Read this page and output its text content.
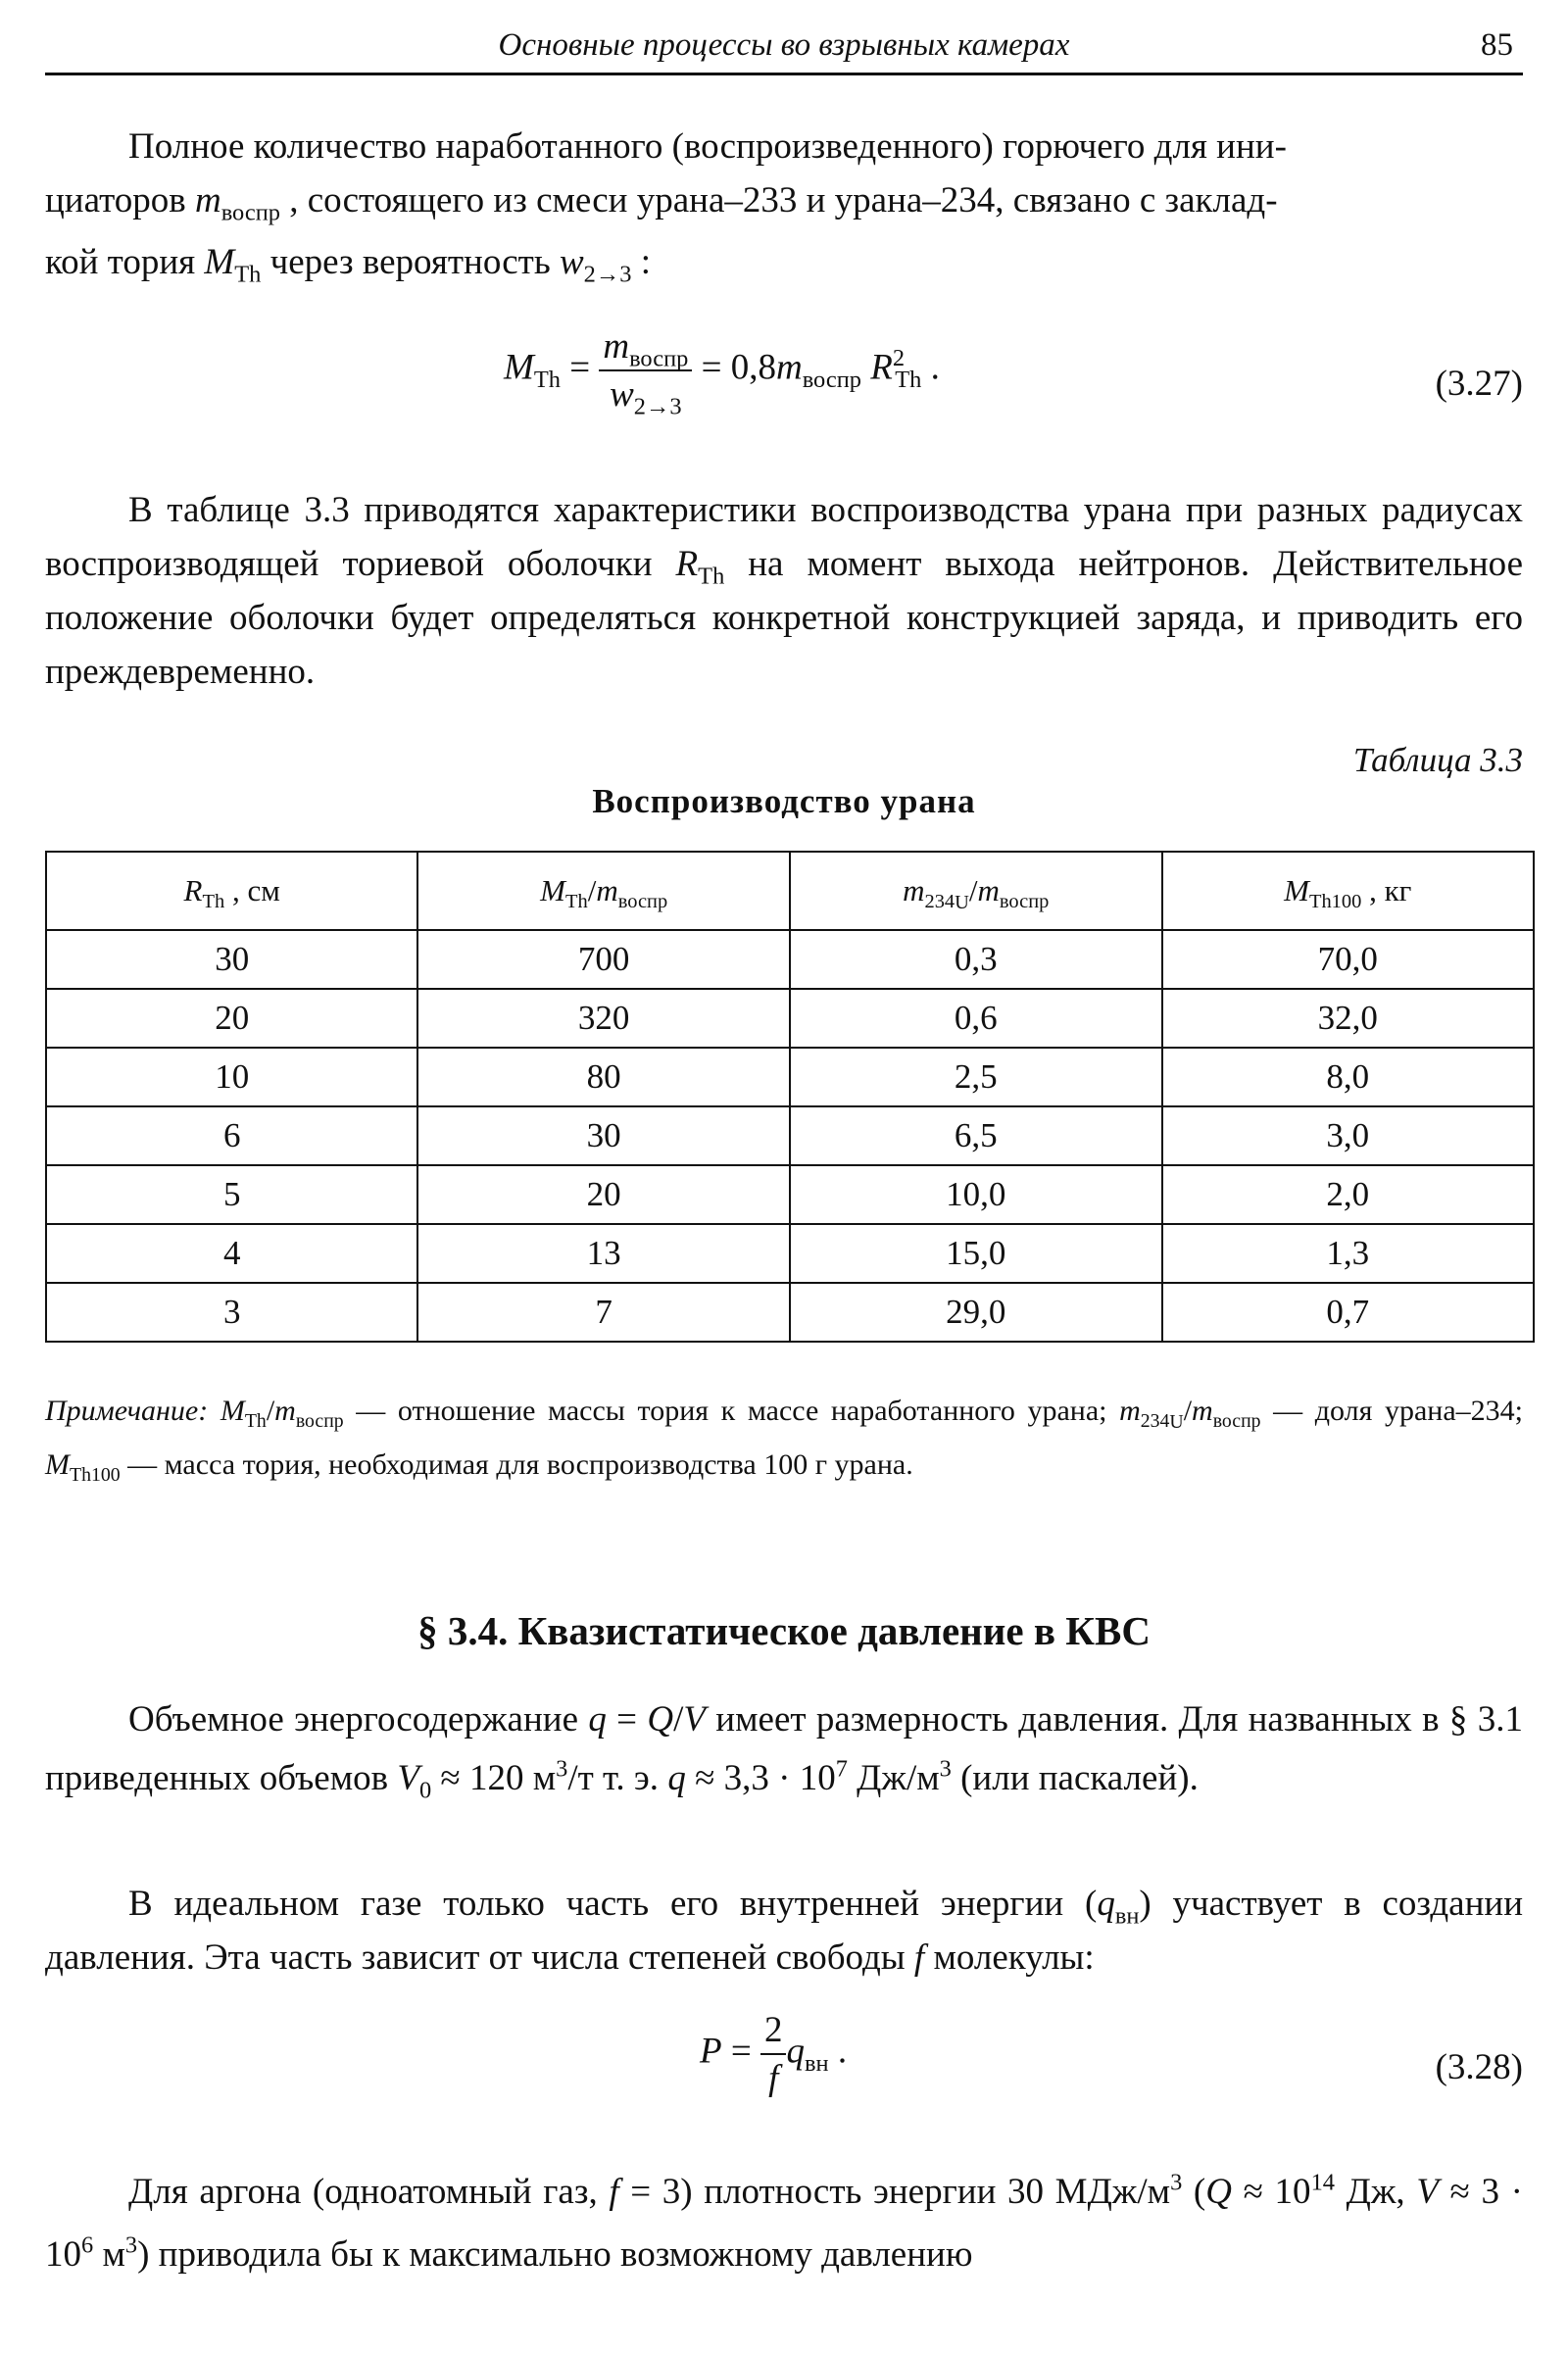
Основные процессы во взрывных камерах	85
Полное количество наработанного (воспроизведенного) горючего для ини-
циаторов $m_{воспр}$ , состоящего из смеси урана–233 и урана–234, связано с заклад-
кой тория $M_{Th}$ через вероятность $w_{2\to 3}$ :
$M_{Th} = \frac{m_{воспр}}{w_{2\to 3}} = 0,8m_{воспр}$ $R^2_{Th}$ .	(3.27)

В таблице 3.3 приводятся характеристики воспроизводства урана при разных радиусах воспроизводящей ториевой оболочки $R_{Th}$ на момент выхода нейтронов. Действительное положение оболочки будет определяться конкретной конструкцией заряда, и приводить его преждевременно.

Таблица 3.3
Воспроизводство урана
$R_{Th}$ , см	$M_{Th}/m_{воспр}$	$m_{234U}/m_{воспр}$	$M_{Th100}$ , кг
30	700	0,3	70,0
20	320	0,6	32,0
10	80	2,5	8,0
6	30	6,5	3,0
5	20	10,0	2,0
4	13	15,0	1,3
3	7	29,0	0,7

Примечание: $M_{Th}/m_{воспр}$ — отношение массы тория к массе наработанного урана; $m_{234U}/m_{воспр}$ — доля урана–234; $M_{Th100}$ — масса тория, необходимая для воспроизводства 100 г урана.

§ 3.4. Квазистатическое давление в КВС

Объемное энергосодержание q = Q/V имеет размерность давления. Для названных в § 3.1 приведенных объемов $V_0 \approx 120$ $м^3/т$ т. э. $q \approx 3,3 \cdot 10^7$ $Дж/м^3$ (или паскалей).

В идеальном газе только часть его внутренней энергии $(q_{вн})$ участвует в создании давления. Эта часть зависит от числа степеней свободы f молекулы:

$P = \frac{2}{f} q_{вн}$ .	(3.28)

Для аргона (одноатомный газ, f = 3) плотность энергии 30 МДж/$м^3$ ($Q \approx 10^{14}$ Дж, $V \approx 3 \cdot 10^6$ $м^3$) приводила бы к максимально возможному давлению
